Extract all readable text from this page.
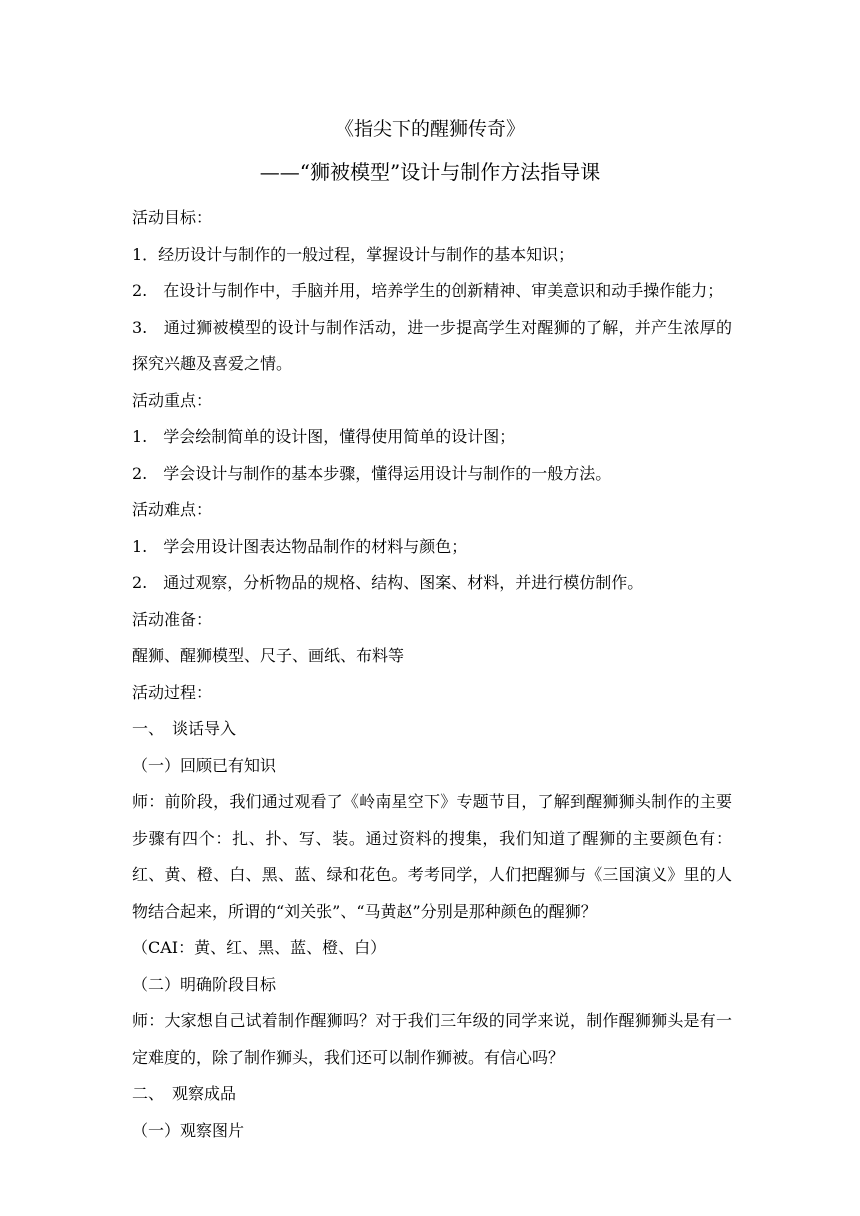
《指尖下的醒狮传奇》
——“狮被模型”设计与制作方法指导课
活动目标：
1．经历设计与制作的一般过程，掌握设计与制作的基本知识；
2.　在设计与制作中，手脑并用，培养学生的创新精神、审美意识和动手操作能力；
3.　通过狮被模型的设计与制作活动，进一步提高学生对醒狮的了解，并产生浓厚的探究兴趣及喜爱之情。
活动重点：
1.　学会绘制简单的设计图，懂得使用简单的设计图；
2.　学会设计与制作的基本步骤，懂得运用设计与制作的一般方法。
活动难点：
1.　学会用设计图表达物品制作的材料与颜色；
2.　通过观察，分析物品的规格、结构、图案、材料，并进行模仿制作。
活动准备：
醒狮、醒狮模型、尺子、画纸、布料等
活动过程：
一、　谈话导入
（一）回顾已有知识
师：前阶段，我们通过观看了《岭南星空下》专题节目，了解到醒狮狮头制作的主要步骤有四个：扎、扑、写、装。通过资料的搜集，我们知道了醒狮的主要颜色有：红、黄、橙、白、黑、蓝、绿和花色。考考同学，人们把醒狮与《三国演义》里的人物结合起来，所谓的“刘关张”、“马黄赵”分别是那种颜色的醒狮？
（CAI：黄、红、黑、蓝、橙、白）
（二）明确阶段目标
师：大家想自己试着制作醒狮吗？对于我们三年级的同学来说，制作醒狮狮头是有一定难度的，除了制作狮头，我们还可以制作狮被。有信心吗？
二、　观察成品
（一）观察图片
